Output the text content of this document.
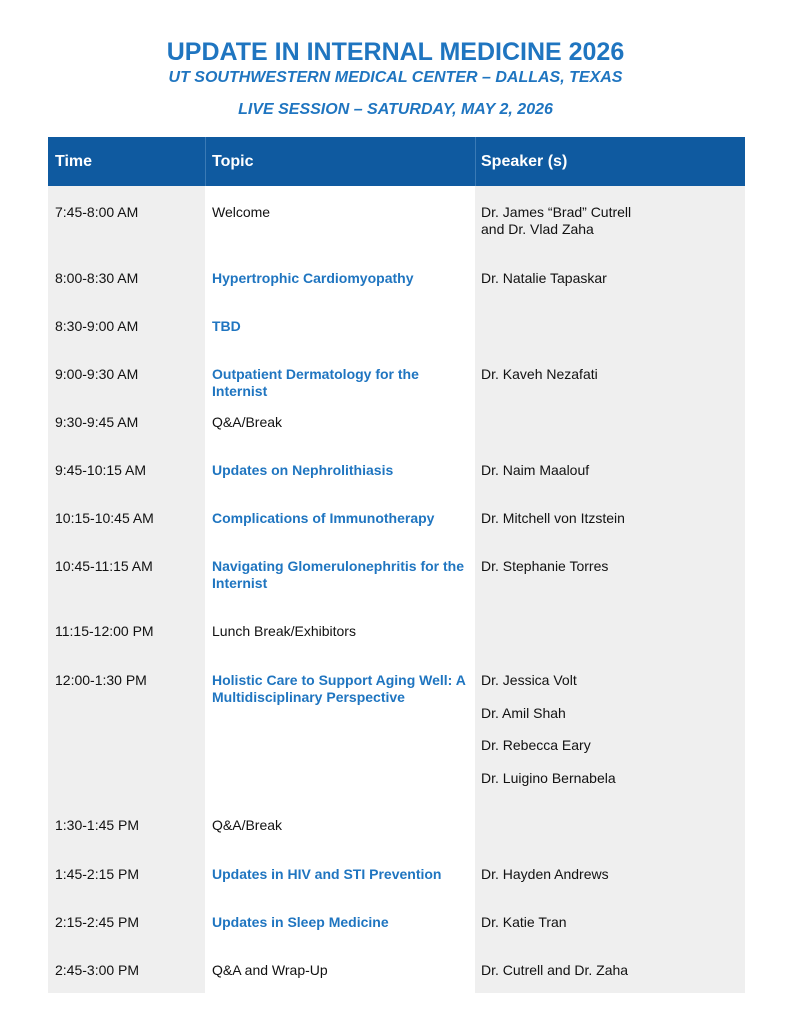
UPDATE IN INTERNAL MEDICINE 2026
UT SOUTHWESTERN MEDICAL CENTER – DALLAS, TEXAS
LIVE SESSION – SATURDAY, MAY 2, 2026
Time	Topic	Speaker (s)
7:45-8:00 AM	Welcome	Dr. James “Brad” Cutrell
and Dr. Vlad Zaha
8:00-8:30 AM	Hypertrophic Cardiomyopathy	Dr. Natalie Tapaskar
8:30-9:00 AM	TBD
9:00-9:30 AM	Outpatient Dermatology for the Internist
Dr. Kaveh Nezafati
9:30-9:45 AM	Q&A/Break
9:45-10:15 AM	Updates on Nephrolithiasis	Dr. Naim Maalouf
10:15-10:45 AM	Complications of Immunotherapy	Dr. Mitchell von Itzstein
10:45-11:15 AM	Navigating Glomerulonephritis for the Internist
Dr. Stephanie Torres
11:15-12:00 PM	Lunch Break/Exhibitors
12:00-1:30 PM	Holistic Care to Support Aging Well: A Multidisciplinary Perspective
Dr. Jessica Volt
Dr. Amil Shah
Dr. Rebecca Eary
Dr. Luigino Bernabela
1:30-1:45 PM	Q&A/Break
1:45-2:15 PM	Updates in HIV and STI Prevention	Dr. Hayden Andrews
2:15-2:45 PM	Updates in Sleep Medicine	Dr. Katie Tran
2:45-3:00 PM	Q&A and Wrap-Up	Dr. Cutrell and Dr. Zaha
